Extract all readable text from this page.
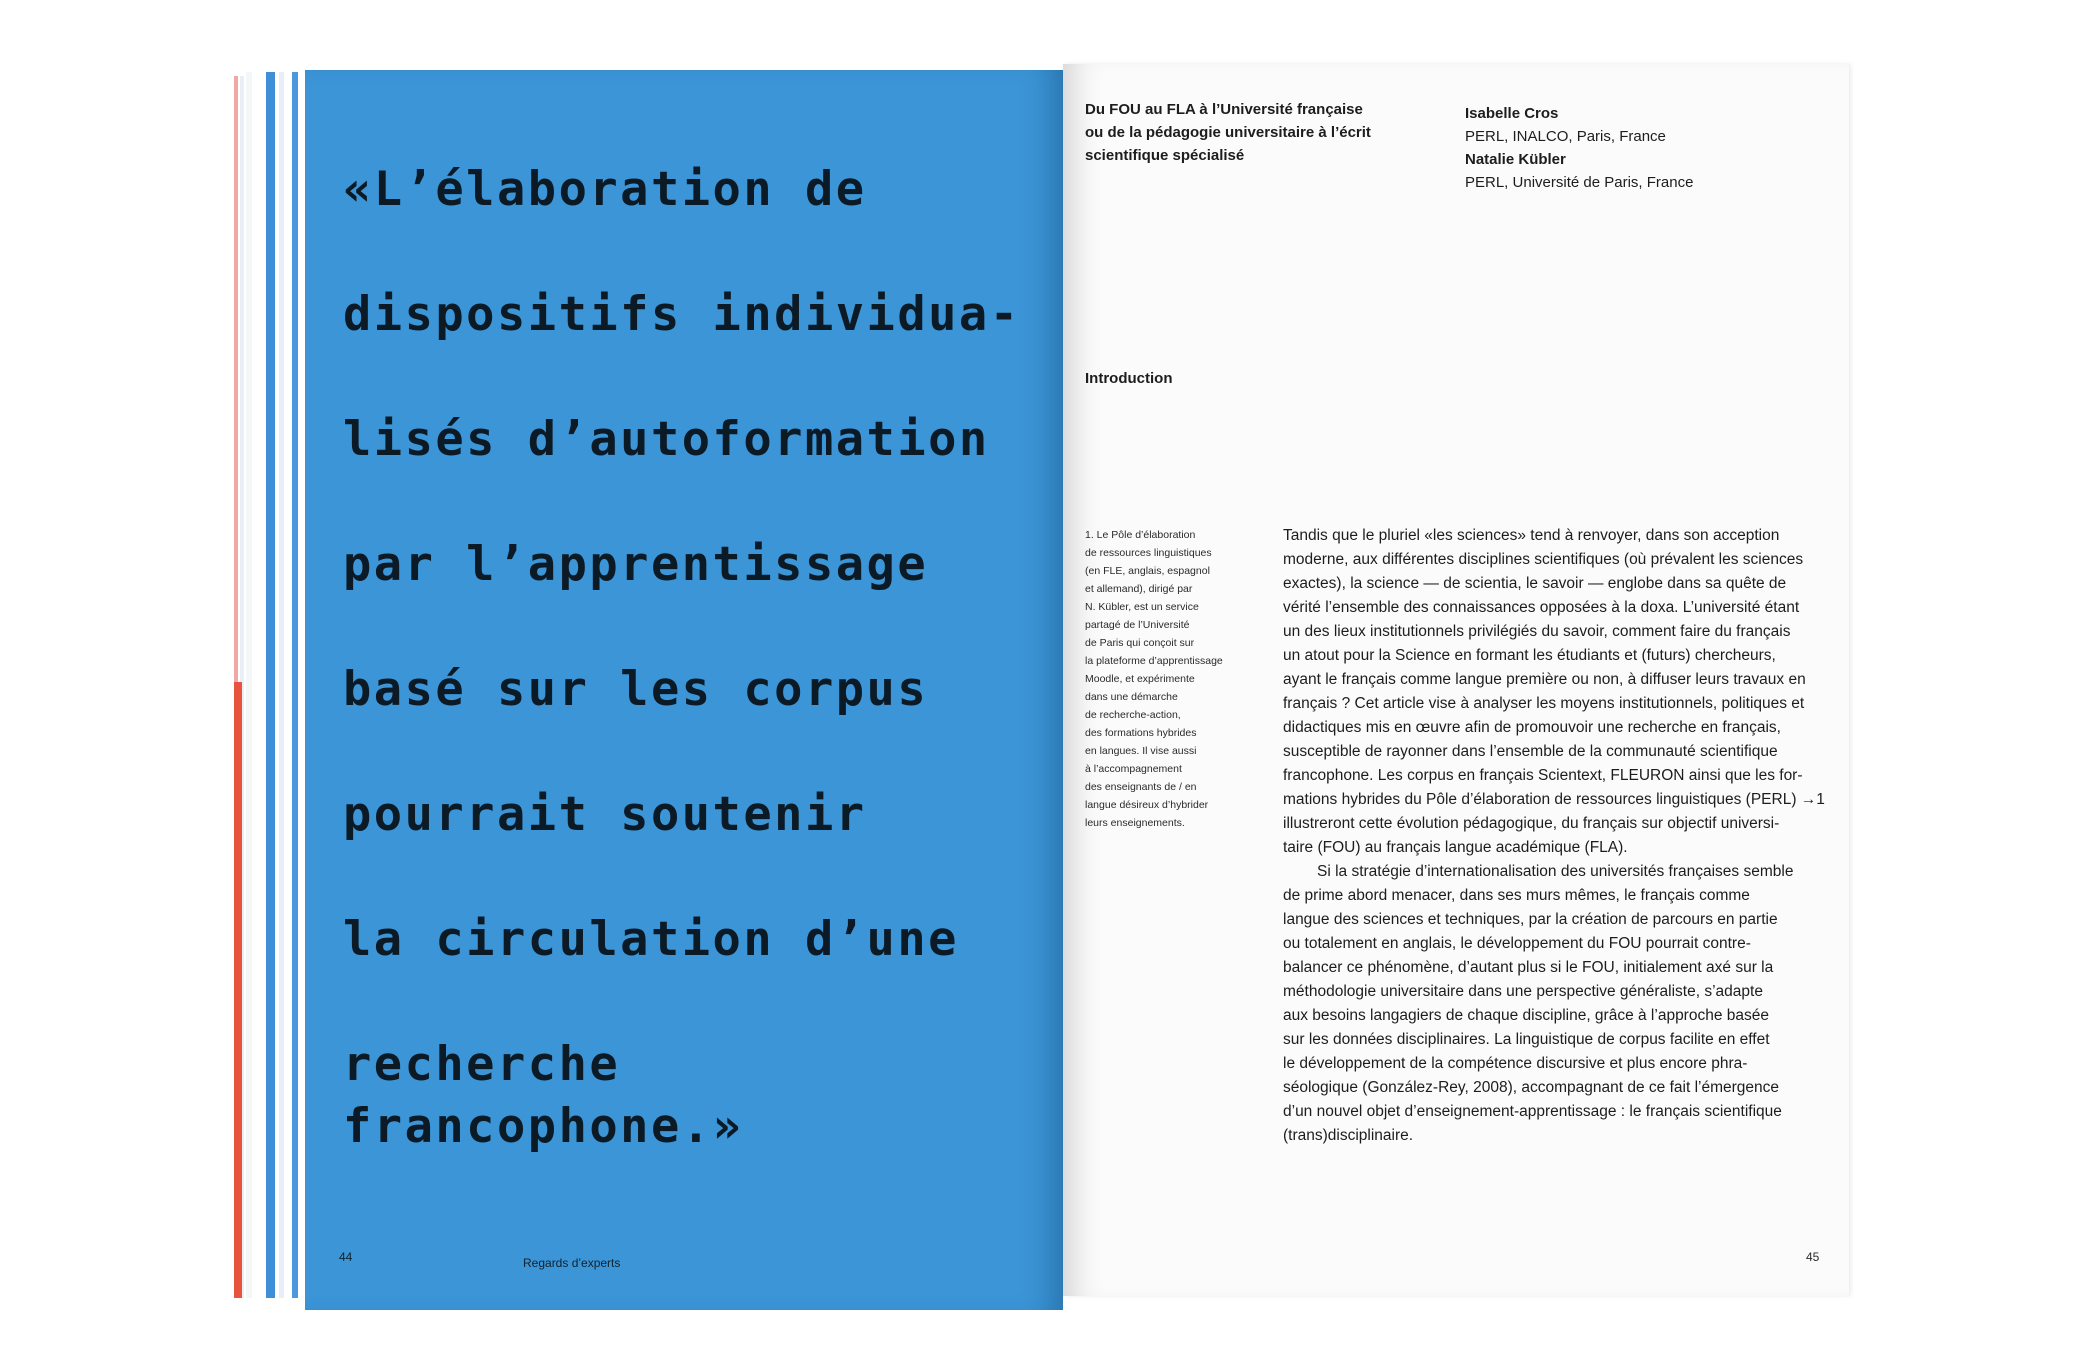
«L’élaboration de

dispositifs individua-

lisés d’autoformation

par l’apprentissage

basé sur les corpus

pourrait soutenir

la circulation d’une

recherche francophone.»

44	Regards d’experts
Du FOU au FLA à l’Université française
ou de la pédagogie universitaire à l’écrit
scientifique spécialisé
Isabelle Cros
PERL, INALCO, Paris, France
Natalie Kübler
PERL, Université de Paris, France
Introduction
1. Le Pôle d’élaboration
de ressources linguistiques
(en FLE, anglais, espagnol
et allemand), dirigé par
N. Kübler, est un service
partagé de l’Université
de Paris qui conçoit sur
la plateforme d’apprentissage
Moodle, et expérimente
dans une démarche
de recherche-action,
des formations hybrides
en langues. Il vise aussi
à l’accompagnement
des enseignants de / en
langue désireux d’hybrider
leurs enseignements.
Tandis que le pluriel «les sciences» tend à renvoyer, dans son acception
moderne, aux différentes disciplines scientifiques (où prévalent les sciences
exactes), la science — de scientia, le savoir — englobe dans sa quête de
vérité l’ensemble des connaissances opposées à la doxa. L’université étant
un des lieux institutionnels privilégiés du savoir, comment faire du français
un atout pour la Science en formant les étudiants et (futurs) chercheurs,
ayant le français comme langue première ou non, à diffuser leurs travaux en
français ? Cet article vise à analyser les moyens institutionnels, politiques et
didactiques mis en œuvre afin de promouvoir une recherche en français,
susceptible de rayonner dans l’ensemble de la communauté scientifique
francophone. Les corpus en français Scientext, FLEURON ainsi que les for-
mations hybrides du Pôle d’élaboration de ressources linguistiques (PERL) →1
illustreront cette évolution pédagogique, du français sur objectif universi-
taire (FOU) au français langue académique (FLA).
Si la stratégie d’internationalisation des universités françaises semble
de prime abord menacer, dans ses murs mêmes, le français comme
langue des sciences et techniques, par la création de parcours en partie
ou totalement en anglais, le développement du FOU pourrait contre-
balancer ce phénomène, d’autant plus si le FOU, initialement axé sur la
méthodologie universitaire dans une perspective généraliste, s’adapte
aux besoins langagiers de chaque discipline, grâce à l’approche basée
sur les données disciplinaires. La linguistique de corpus facilite en effet
le développement de la compétence discursive et plus encore phra-
séologique (González-Rey, 2008), accompagnant de ce fait l’émergence
d’un nouvel objet d’enseignement-apprentissage : le français scientifique
(trans)disciplinaire.
45
